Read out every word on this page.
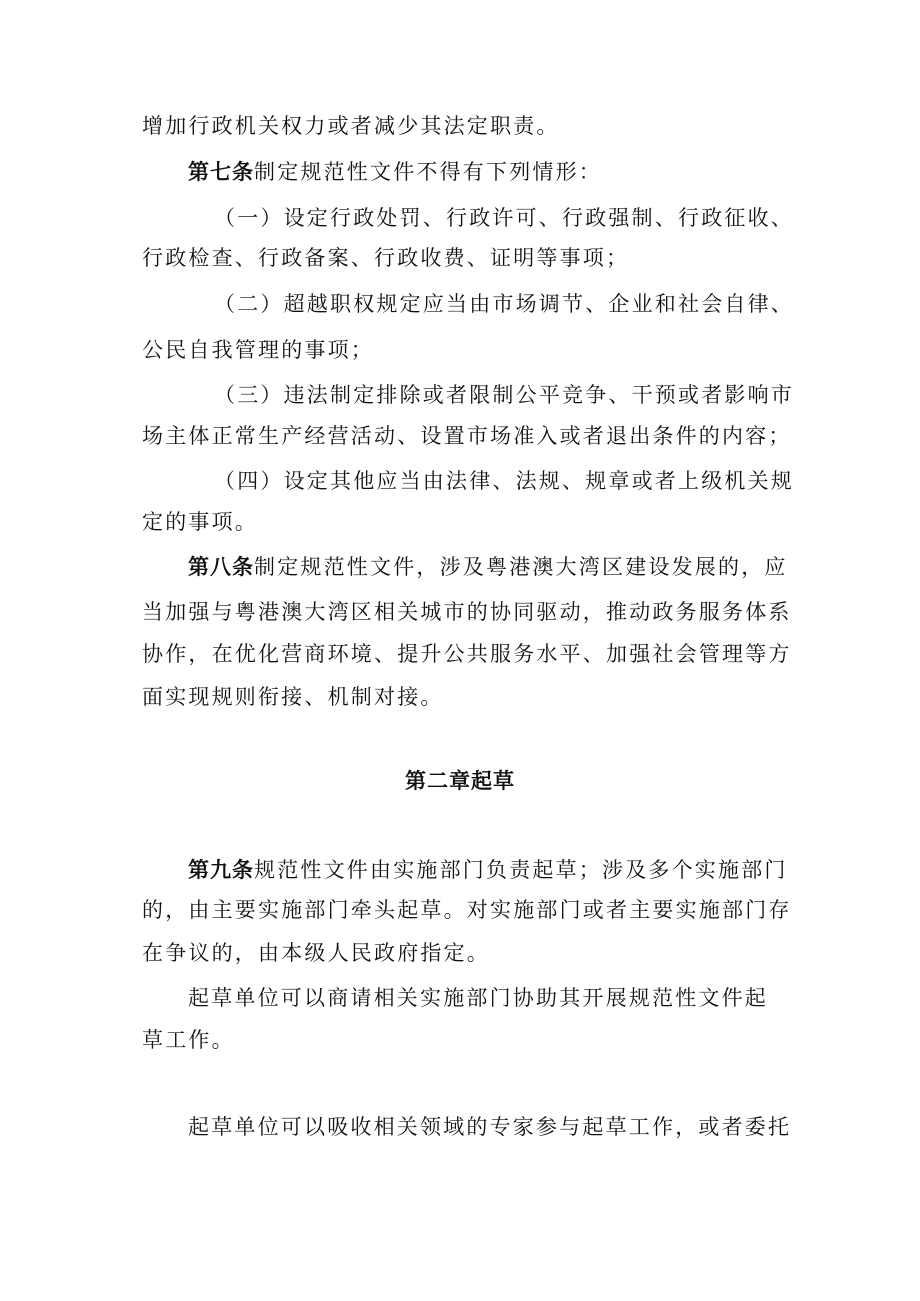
增加行政机关权力或者减少其法定职责。
第七条制定规范性文件不得有下列情形：
（一）设定行政处罚、行政许可、行政强制、行政征收、
行政检查、行政备案、行政收费、证明等事项；
（二）超越职权规定应当由市场调节、企业和社会自律、
公民自我管理的事项；
（三）违法制定排除或者限制公平竞争、干预或者影响市
场主体正常生产经营活动、设置市场准入或者退出条件的内容；
（四）设定其他应当由法律、法规、规章或者上级机关规
定的事项。
第八条制定规范性文件，涉及粤港澳大湾区建设发展的，应
当加强与粤港澳大湾区相关城市的协同驱动，推动政务服务体系
协作，在优化营商环境、提升公共服务水平、加强社会管理等方
面实现规则衔接、机制对接。
第二章起草
第九条规范性文件由实施部门负责起草；涉及多个实施部门
的，由主要实施部门牵头起草。对实施部门或者主要实施部门存
在争议的，由本级人民政府指定。
起草单位可以商请相关实施部门协助其开展规范性文件起
草工作。
起草单位可以吸收相关领域的专家参与起草工作，或者委托
